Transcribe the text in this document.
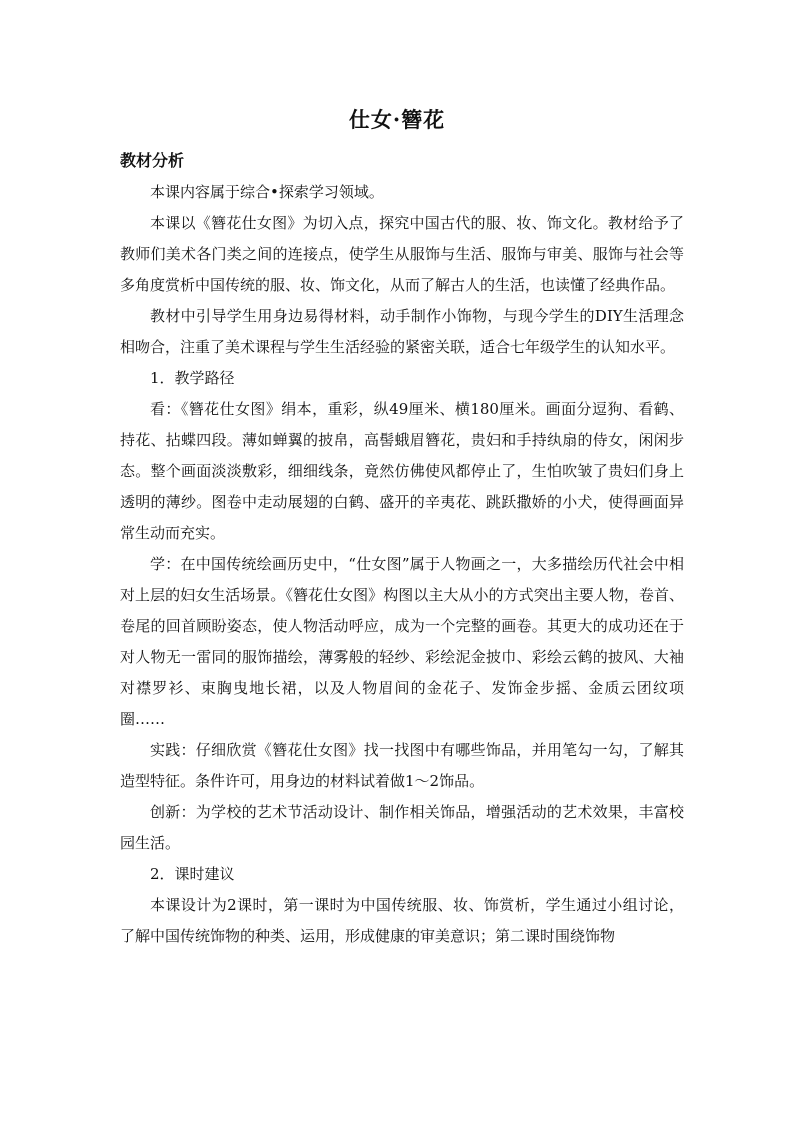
仕女·簪花
教材分析

本课内容属于综合•探索学习领域。

本课以《簪花仕女图》为切入点，探究中国古代的服、妆、饰文化。教材给予了教师们美术各门类之间的连接点，使学生从服饰与生活、服饰与审美、服饰与社会等多角度赏析中国传统的服、妆、饰文化，从而了解古人的生活，也读懂了经典作品。

教材中引导学生用身边易得材料，动手制作小饰物，与现今学生的DIY生活理念相吻合，注重了美术课程与学生生活经验的紧密关联，适合七年级学生的认知水平。

1．教学路径

看：《簪花仕女图》绢本，重彩，纵49厘米、横180厘米。画面分逗狗、看鹤、持花、拈蝶四段。薄如蝉翼的披帛，高髻蛾眉簪花，贵妇和手持纨扇的侍女，闲闲步态。整个画面淡淡敷彩，细细线条，竟然仿佛使风都停止了，生怕吹皱了贵妇们身上透明的薄纱。图卷中走动展翅的白鹤、盛开的辛夷花、跳跃撒娇的小犬，使得画面异常生动而充实。

学：在中国传统绘画历史中，“仕女图”属于人物画之一，大多描绘历代社会中相对上层的妇女生活场景。《簪花仕女图》构图以主大从小的方式突出主要人物，卷首、卷尾的回首顾盼姿态，使人物活动呼应，成为一个完整的画卷。其更大的成功还在于对人物无一雷同的服饰描绘，薄雾般的轻纱、彩绘泥金披巾、彩绘云鹤的披风、大袖对襟罗衫、束胸曳地长裙，以及人物眉间的金花子、发饰金步摇、金质云团纹项圈……

实践：仔细欣赏《簪花仕女图》找一找图中有哪些饰品，并用笔勾一勾，了解其造型特征。条件许可，用身边的材料试着做1～2饰品。

创新：为学校的艺术节活动设计、制作相关饰品，增强活动的艺术效果，丰富校园生活。

2．课时建议

本课设计为2课时，第一课时为中国传统服、妆、饰赏析，学生通过小组讨论，了解中国传统饰物的种类、运用，形成健康的审美意识；第二课时围绕饰物
